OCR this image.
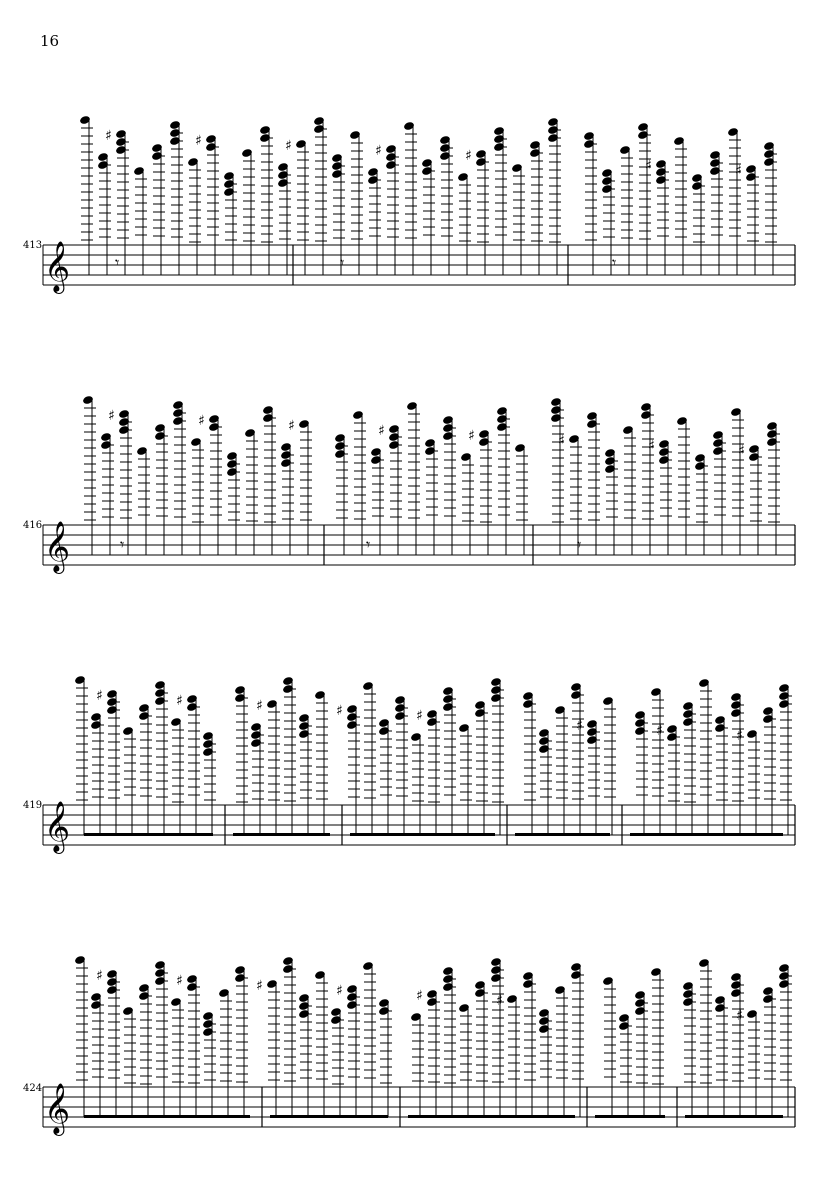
16
413
416
419
424
𝄞
♯	♯	♯	♯	♯
♯	♯
𝄞
♯	♯	♯	♯	♯	♯	♯	♯
𝄞
♯	♯	♯	♯	♯
♯	♯	♯
𝄞
♯	♯	♯	♯	♯	♯
♯
𝄾	𝄾	𝄾
𝄾	𝄾	𝄾
